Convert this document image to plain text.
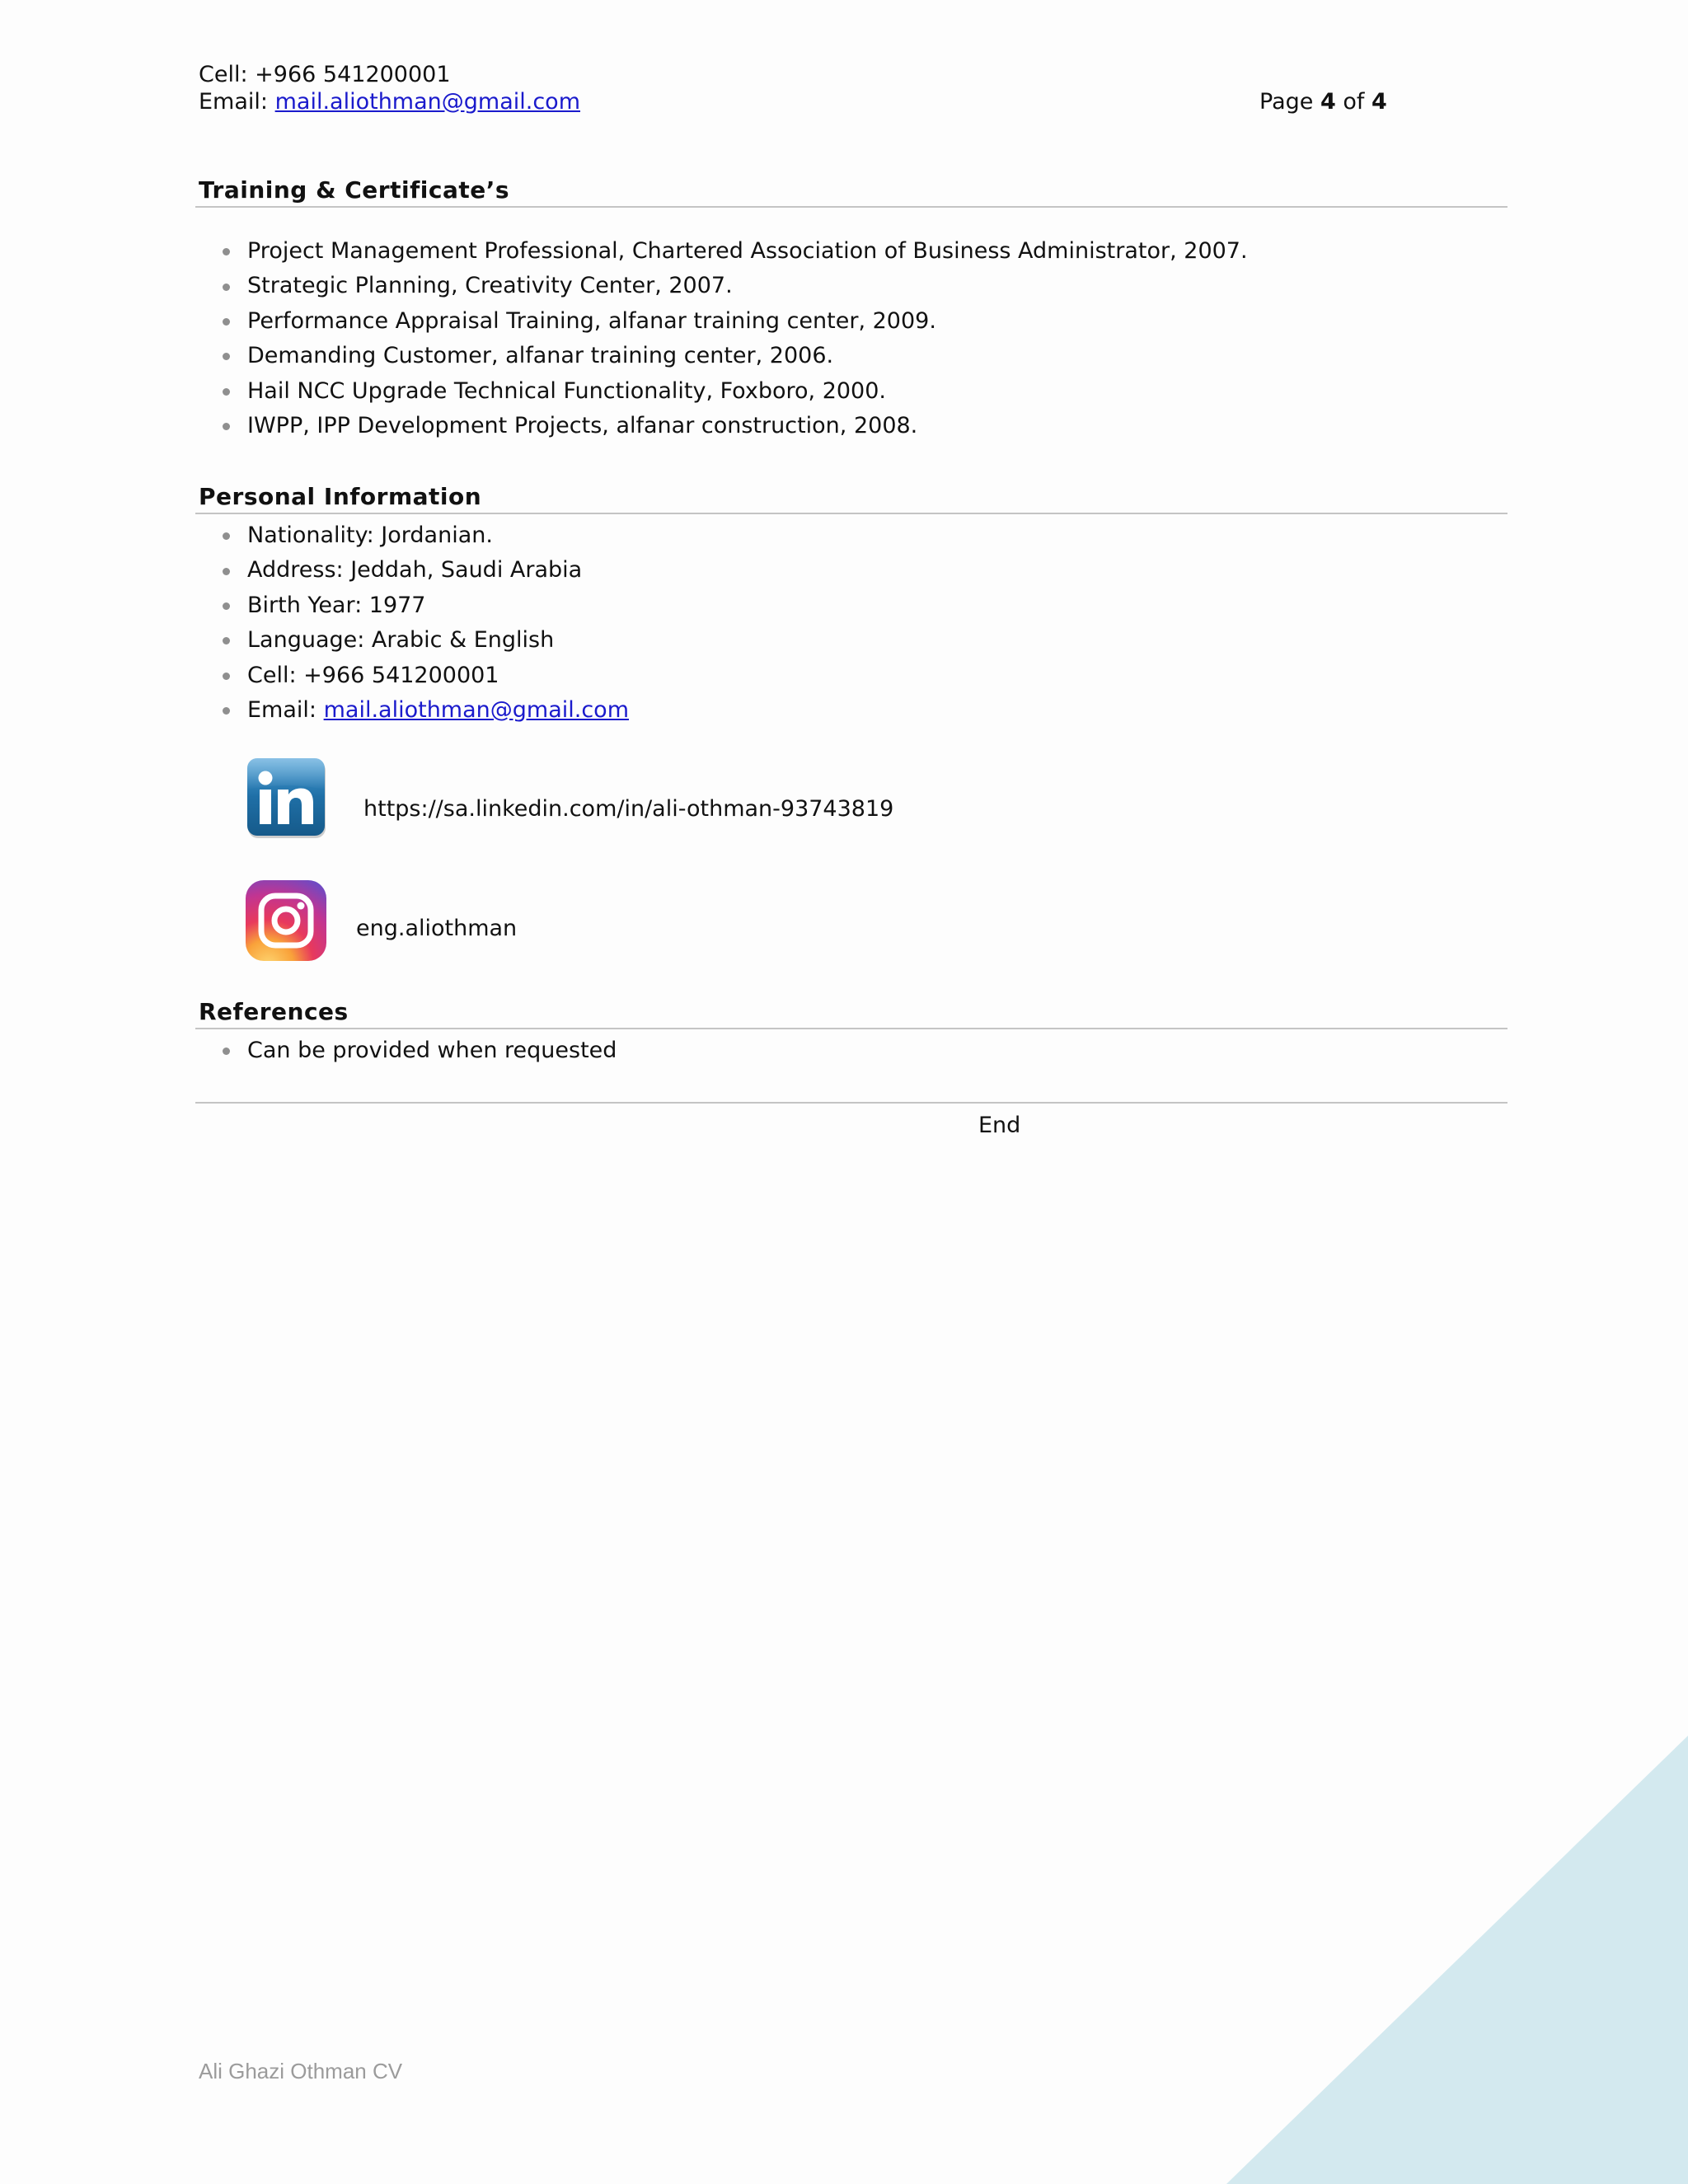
Cell: +966 541200001
Email: mail.aliothman@gmail.com	Page 4 of 4
Training & Certificate’s
Project Management Professional, Chartered Association of Business Administrator, 2007.
Strategic Planning, Creativity Center, 2007.
Performance Appraisal Training, alfanar training center, 2009.
Demanding Customer, alfanar training center, 2006.
Hail NCC Upgrade Technical Functionality, Foxboro, 2000.
IWPP, IPP Development Projects, alfanar construction, 2008.
Personal Information
Nationality: Jordanian.
Address: Jeddah, Saudi Arabia
Birth Year: 1977
Language: Arabic & English
Cell: +966 541200001
Email: mail.aliothman@gmail.com
https://sa.linkedin.com/in/ali-othman-93743819
eng.aliothman
References
Can be provided when requested
End
Ali Ghazi Othman CV
